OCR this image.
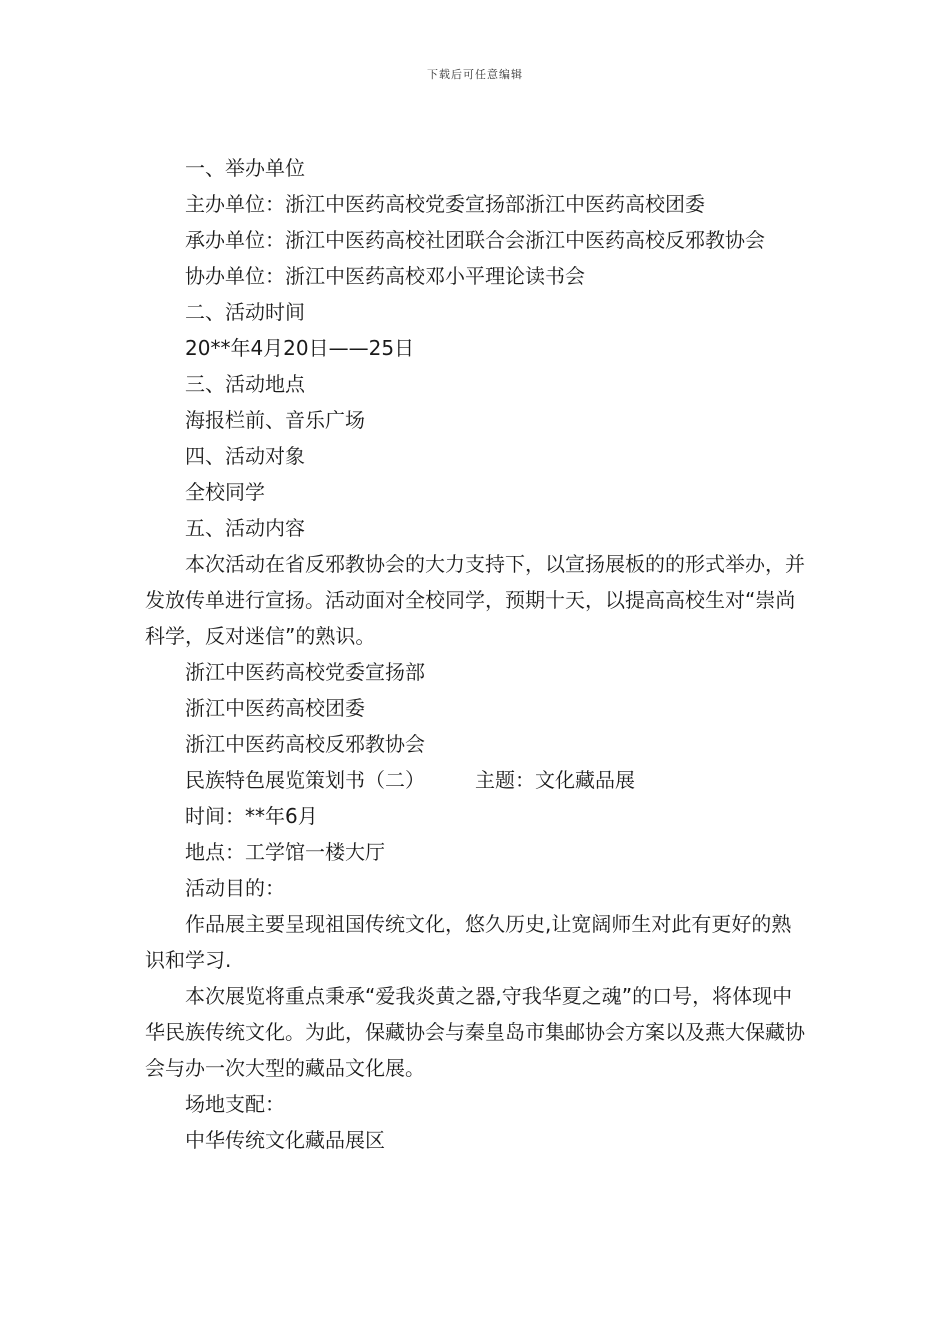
下载后可任意编辑

一、举办单位

主办单位：浙江中医药高校党委宣扬部浙江中医药高校团委

承办单位：浙江中医药高校社团联合会浙江中医药高校反邪教协会

协办单位：浙江中医药高校邓小平理论读书会

二、活动时间

20**年4月20日——25日

三、活动地点

海报栏前、音乐广场

四、活动对象

全校同学

五、活动内容

本次活动在省反邪教协会的大力支持下，以宣扬展板的的形式举办，并发放传单进行宣扬。活动面对全校同学，预期十天，以提高高校生对“崇尚科学，反对迷信”的熟识。

浙江中医药高校党委宣扬部

浙江中医药高校团委

浙江中医药高校反邪教协会

民族特色展览策划书（二）	主题：文化藏品展

时间：**年6月

地点：工学馆一楼大厅

活动目的：

作品展主要呈现祖国传统文化，悠久历史,让宽阔师生对此有更好的熟识和学习.

本次展览将重点秉承“爱我炎黄之器,守我华夏之魂”的口号，将体现中华民族传统文化。为此，保藏协会与秦皇岛市集邮协会方案以及燕大保藏协会与办一次大型的藏品文化展。

场地支配：

中华传统文化藏品展区
